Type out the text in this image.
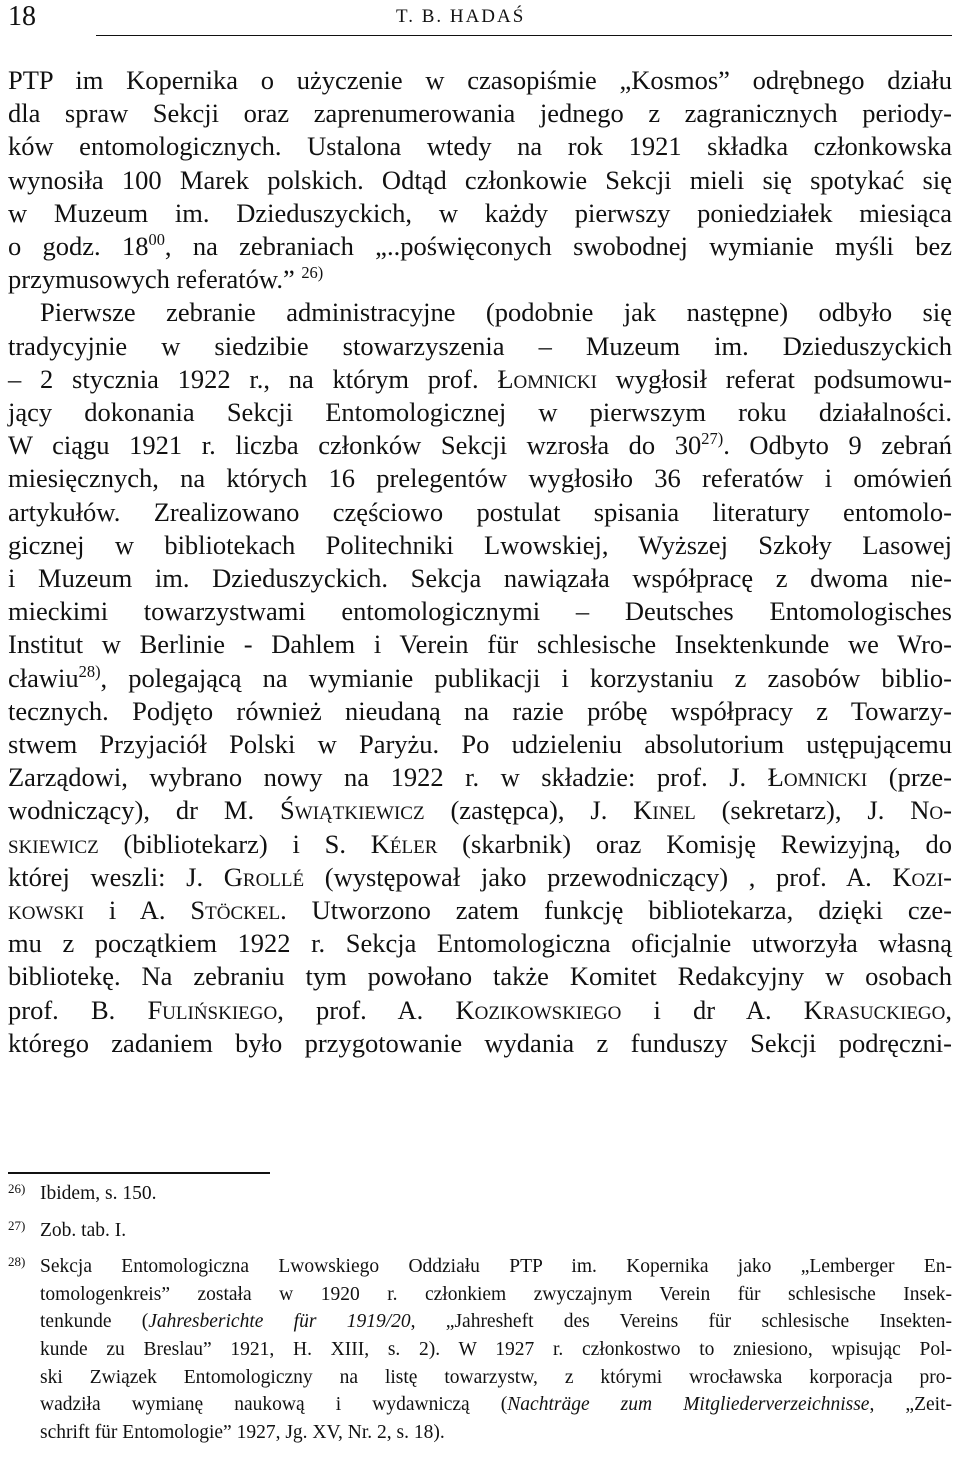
18	T. B. HADAŚ
PTP im Kopernika o użyczenie w czasopiśmie „Kosmos” odrębnego działu
dla spraw Sekcji oraz zaprenumerowania jednego z zagranicznych periody-
ków entomologicznych. Ustalona wtedy na rok 1921 składka członkowska
wynosiła 100 Marek polskich. Odtąd członkowie Sekcji mieli się spotykać się
w Muzeum im. Dzieduszyckich, w każdy pierwszy poniedziałek miesiąca
o godz. $18^{00}$, na zebraniach „..poświęconych swobodnej wymianie myśli bez
przymusowych referatów.” $^{26)}$
Pierwsze zebranie administracyjne (podobnie jak następne) odbyło się
tradycyjnie w siedzibie stowarzyszenia – Muzeum im. Dzieduszyckich
– 2 stycznia 1922 r., na którym prof. Łomnicki wygłosił referat podsumowu-
jący dokonania Sekcji Entomologicznej w pierwszym roku działalności.
W ciągu 1921 r. liczba członków Sekcji wzrosła do 30$^{27)}$. Odbyto 9 zebrań
miesięcznych, na których 16 prelegentów wygłosiło 36 referatów i omówień
artykułów. Zrealizowano częściowo postulat spisania literatury entomolo-
gicznej w bibliotekach Politechniki Lwowskiej, Wyższej Szkoły Lasowej
i Muzeum im. Dzieduszyckich. Sekcja nawiązała współpracę z dwoma nie-
mieckimi towarzystwami entomologicznymi – Deutsches Entomologisches
Institut w Berlinie - Dahlem i Verein für schlesische Insektenkunde we Wro-
cławiu$^{28)}$, polegającą na wymianie publikacji i korzystaniu z zasobów biblio-
tecznych. Podjęto również nieudaną na razie próbę współpracy z Towarzy-
stwem Przyjaciół Polski w Paryżu. Po udzieleniu absolutorium ustępującemu
Zarządowi, wybrano nowy na 1922 r. w składzie: prof. J. Łomnicki (prze-
wodniczący), dr M. Świątkiewicz (zastępca), J. Kinel (sekretarz), J. No-
skiewicz (bibliotekarz) i S. Kéler (skarbnik) oraz Komisję Rewizyjną, do
której weszli: J. Grollé (występował jako przewodniczący) , prof. A. Kozi-
kowski i A. Stöckel. Utworzono zatem funkcję bibliotekarza, dzięki cze-
mu z początkiem 1922 r. Sekcja Entomologiczna oficjalnie utworzyła własną
bibliotekę. Na zebraniu tym powołano także Komitet Redakcyjny w osobach
prof. B. Fulińskiego, prof. A. Kozikowskiego i dr A. Krasuckiego,
którego zadaniem było przygotowanie wydania z funduszy Sekcji podręczni-
26) Ibidem, s. 150.
27) Zob. tab. I.
28) Sekcja Entomologiczna Lwowskiego Oddziału PTP im. Kopernika jako „Lemberger En-
tomologenkreis” została w 1920 r. członkiem zwyczajnym Verein für schlesische Insek-
tenkunde (Jahresberichte für 1919/20, „Jahresheft des Vereins für schlesische Insekten-
kunde zu Breslau” 1921, H. XIII, s. 2). W 1927 r. członkostwo to zniesiono, wpisując Pol-
ski Związek Entomologiczny na listę towarzystw, z którymi wrocławska korporacja pro-
wadziła wymianę naukową i wydawniczą (Nachträge zum Mitgliederverzeichnisse, „Zeit-
schrift für Entomologie” 1927, Jg. XV, Nr. 2, s. 18).
